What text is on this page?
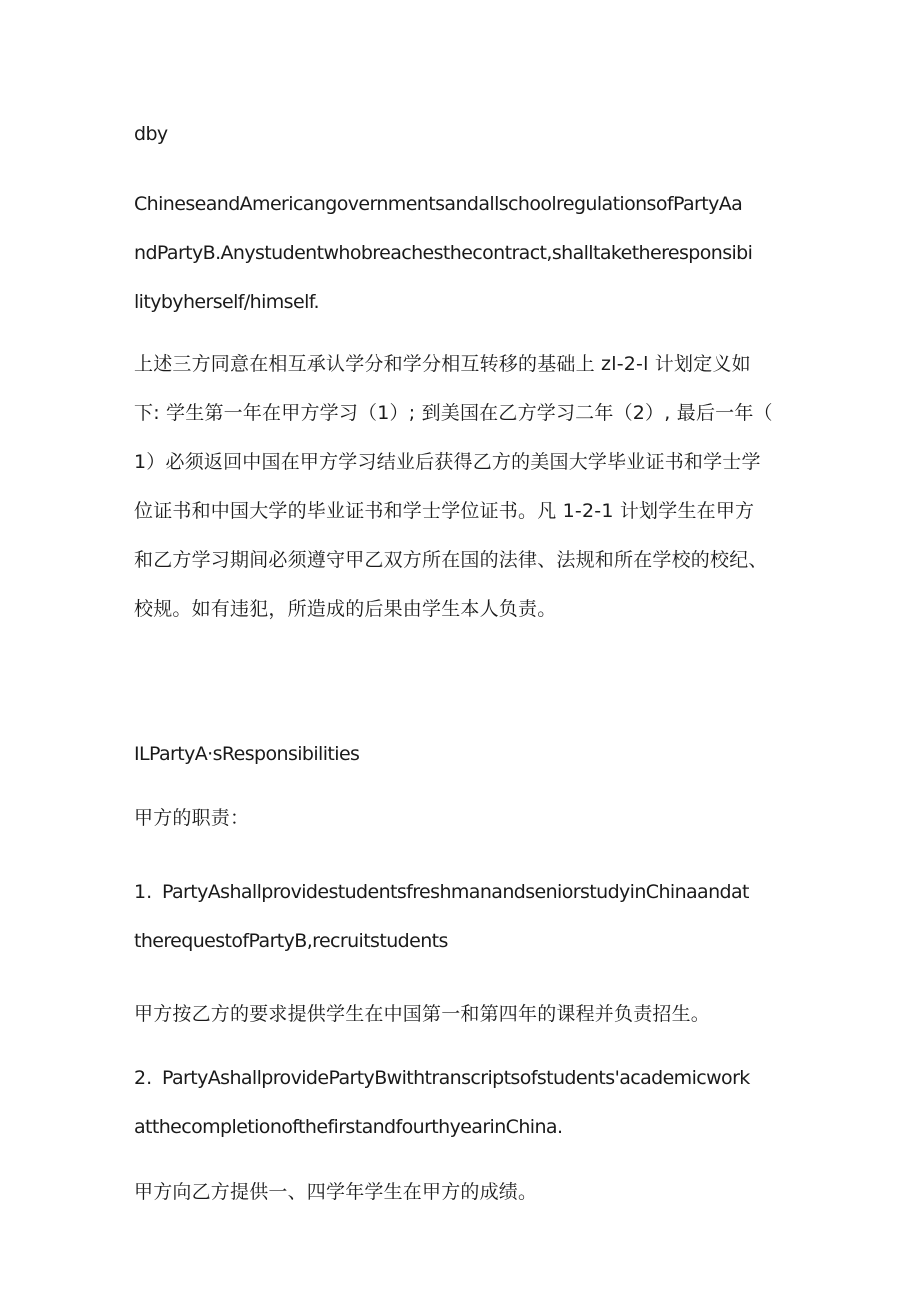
dby
ChineseandAmericangovernmentsandallschoolregulationsofPartyAa
ndPartyB.Anystudentwhobreachesthecontract,shalltaketheresponsibi
litybyherself/himself.
上述三方同意在相互承认学分和学分相互转移的基础上 zl-2-l 计划定义如
下: 学生第一年在甲方学习（1）; 到美国在乙方学习二年（2）, 最后一年（
1）必须返回中国在甲方学习结业后获得乙方的美国大学毕业证书和学士学
位证书和中国大学的毕业证书和学士学位证书。凡 1-2-1 计划学生在甲方
和乙方学习期间必须遵守甲乙双方所在国的法律、法规和所在学校的校纪、
校规。如有违犯，所造成的后果由学生本人负责。
ILPartyA·sResponsibilities
甲方的职责：
1. PartyAshallprovidestudentsfreshmanandseniorstudyinChinaandat
therequestofPartyB,recruitstudents
甲方按乙方的要求提供学生在中国第一和第四年的课程并负责招生。
2. PartyAshallprovidePartyBwithtranscriptsofstudents'academicwork
atthecompletionofthefirstandfourthyearinChina.
甲方向乙方提供一、四学年学生在甲方的成绩。
